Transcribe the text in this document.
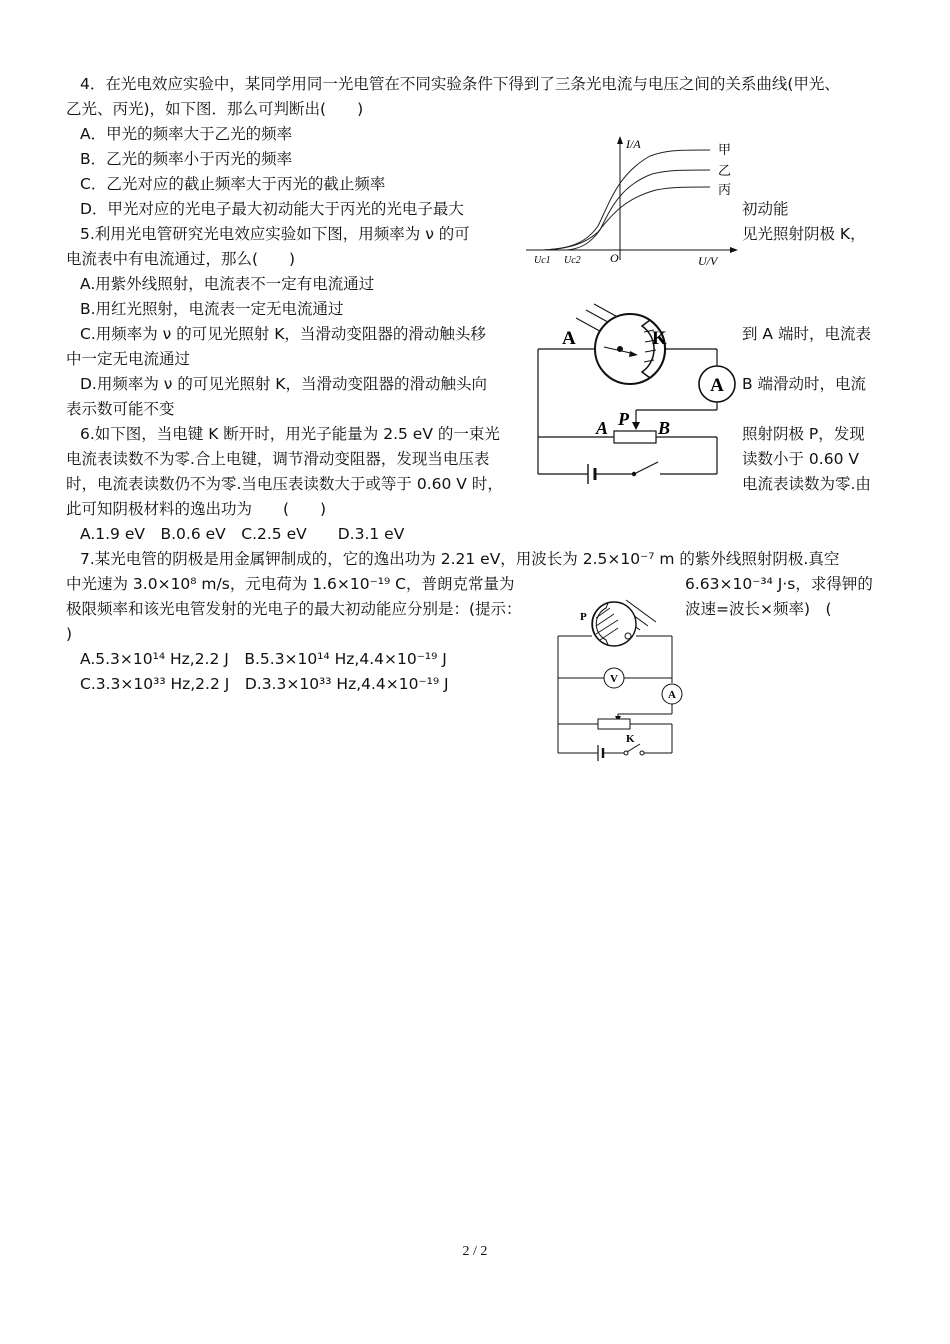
4．在光电效应实验中，某同学用同一光电管在不同实验条件下得到了三条光电流与电压之间的关系曲线(甲光、
乙光、丙光)，如下图．那么可判断出(　　)
A．甲光的频率大于乙光的频率
B．乙光的频率小于丙光的频率
C．乙光对应的截止频率大于丙光的截止频率
D．甲光对应的光电子最大初动能大于丙光的光电子最大	初动能
5.利用光电管研究光电效应实验如下图，用频率为 ν 的可	见光照射阴极 K，
电流表中有电流通过，那么(　　)
A.用紫外线照射，电流表不一定有电流通过
B.用红光照射，电流表一定无电流通过
C.用频率为 ν 的可见光照射 K，当滑动变阻器的滑动触头移	到 A 端时，电流表
中一定无电流通过
D.用频率为 ν 的可见光照射 K，当滑动变阻器的滑动触头向	B 端滑动时，电流
表示数可能不变
6.如下图，当电键 K 断开时，用光子能量为 2.5 eV 的一束光	照射阴极 P，发现
电流表读数不为零.合上电键，调节滑动变阻器，发现当电压表	读数小于 0.60 V
时，电流表读数仍不为零.当电压表读数大于或等于 0.60 V 时，	电流表读数为零.由
此可知阴极材料的逸出功为　　(　　)
A.1.9 eV　B.0.6 eV　C.2.5 eV　　D.3.1 eV
7.某光电管的阴极是用金属钾制成的，它的逸出功为 2.21 eV，用波长为 2.5×10⁻⁷ m 的紫外线照射阴极.真空
中光速为 3.0×10⁸ m/s，元电荷为 1.6×10⁻¹⁹ C，普朗克常量为	6.63×10⁻³⁴ J·s，求得钾的
极限频率和该光电管发射的光电子的最大初动能应分别是：(提示：	波速=波长×频率)　(
)
A.5.3×10¹⁴ Hz,2.2 J　B.5.3×10¹⁴ Hz,4.4×10⁻¹⁹ J
C.3.3×10³³ Hz,2.2 J　D.3.3×10³³ Hz,4.4×10⁻¹⁹ J
I/A
U/V
O
Uc1 Uc2
甲
乙
丙
A	K
A
A P B
P
V
A
K
2 / 2
